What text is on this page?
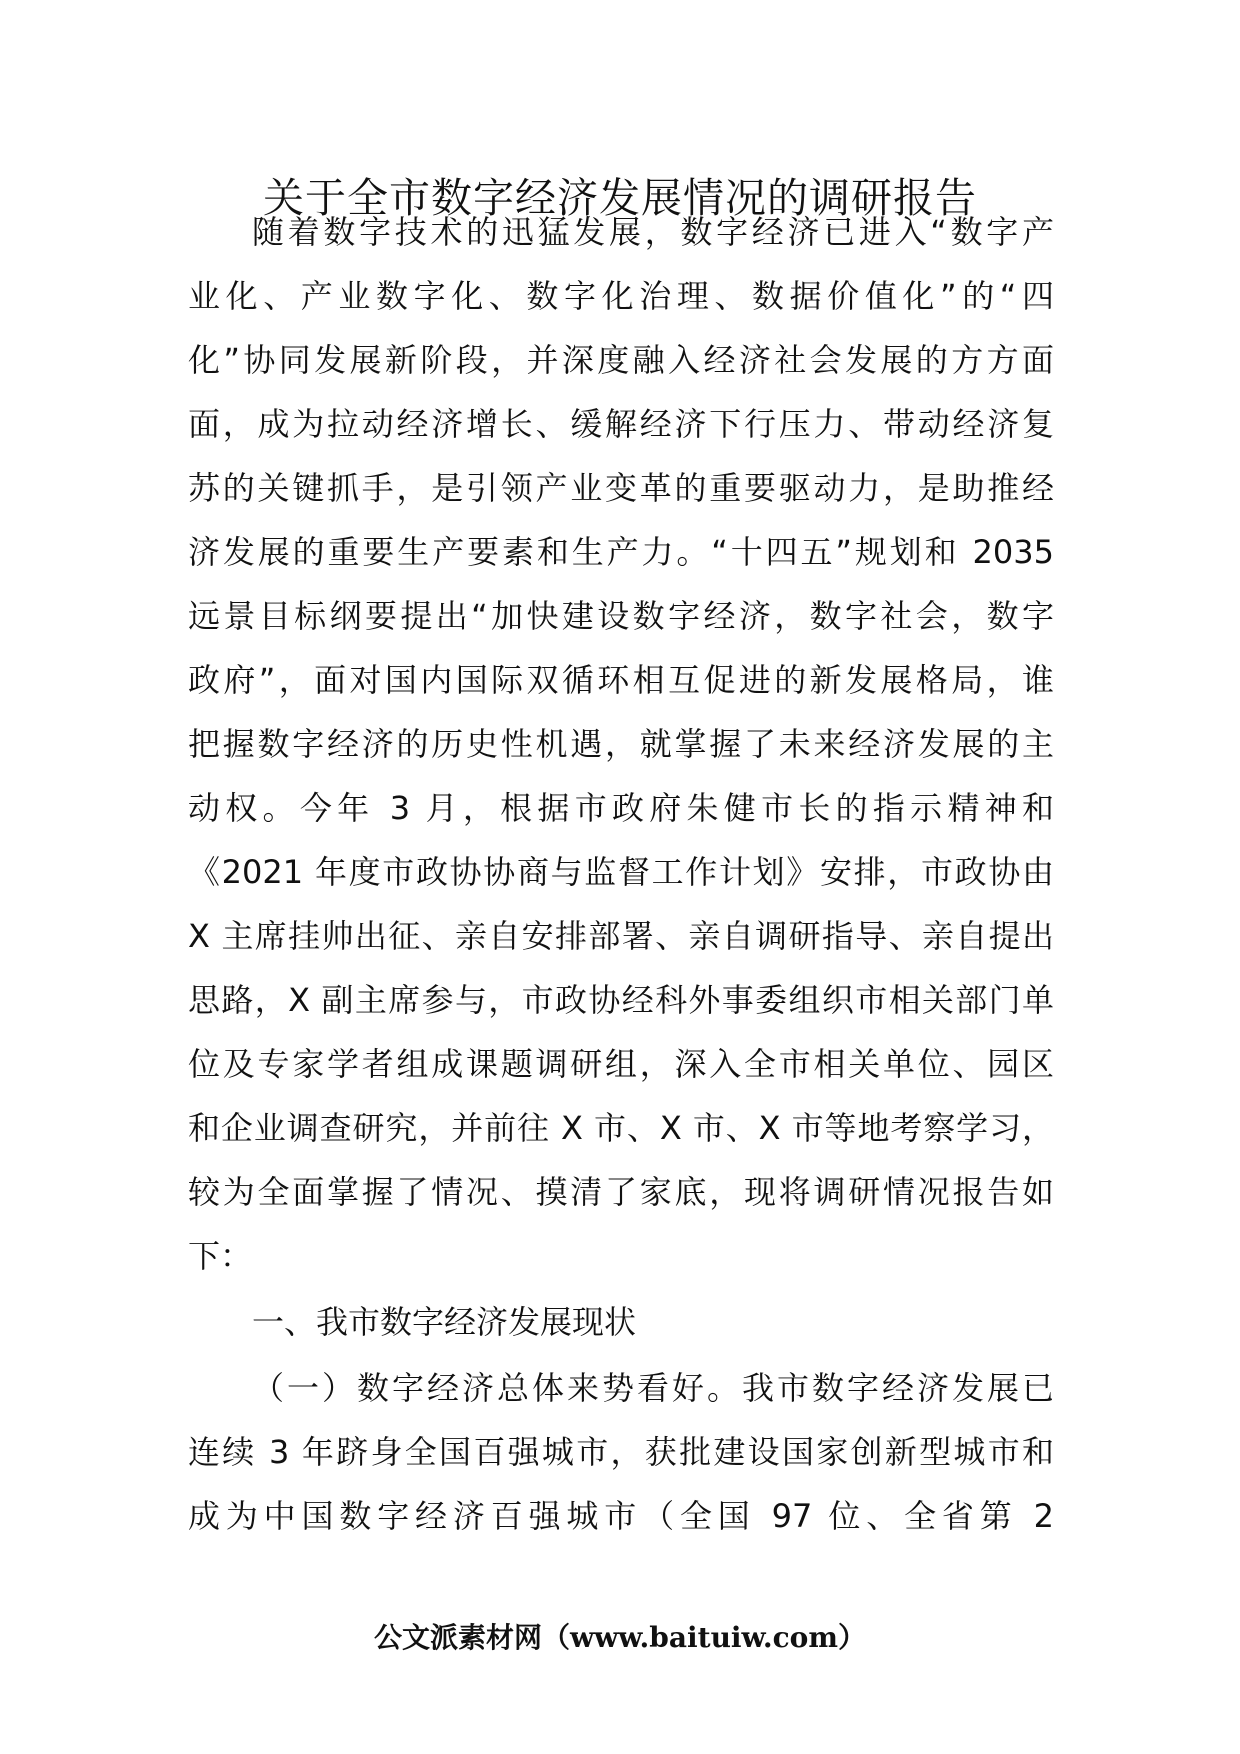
关于全市数字经济发展情况的调研报告
随着数字技术的迅猛发展，数字经济已进入“数字产
业化、产业数字化、数字化治理、数据价值化”的“四
化”协同发展新阶段，并深度融入经济社会发展的方方面
面，成为拉动经济增长、缓解经济下行压力、带动经济复
苏的关键抓手，是引领产业变革的重要驱动力，是助推经
济发展的重要生产要素和生产力。“十四五”规划和 2035
远景目标纲要提出“加快建设数字经济，数字社会，数字
政府”，面对国内国际双循环相互促进的新发展格局，谁
把握数字经济的历史性机遇，就掌握了未来经济发展的主
动权。今年 3 月，根据市政府朱健市长的指示精神和
《2021 年度市政协协商与监督工作计划》安排，市政协由
X 主席挂帅出征、亲自安排部署、亲自调研指导、亲自提出
思路，X 副主席参与，市政协经科外事委组织市相关部门单
位及专家学者组成课题调研组，深入全市相关单位、园区
和企业调查研究，并前往 X 市、X 市、X 市等地考察学习，
较为全面掌握了情况、摸清了家底，现将调研情况报告如
下：
一、我市数字经济发展现状
（一）数字经济总体来势看好。我市数字经济发展已
连续 3 年跻身全国百强城市，获批建设国家创新型城市和
成为中国数字经济百强城市（全国 97 位、全省第 2
公文派素材网（www.baituiw.com）
